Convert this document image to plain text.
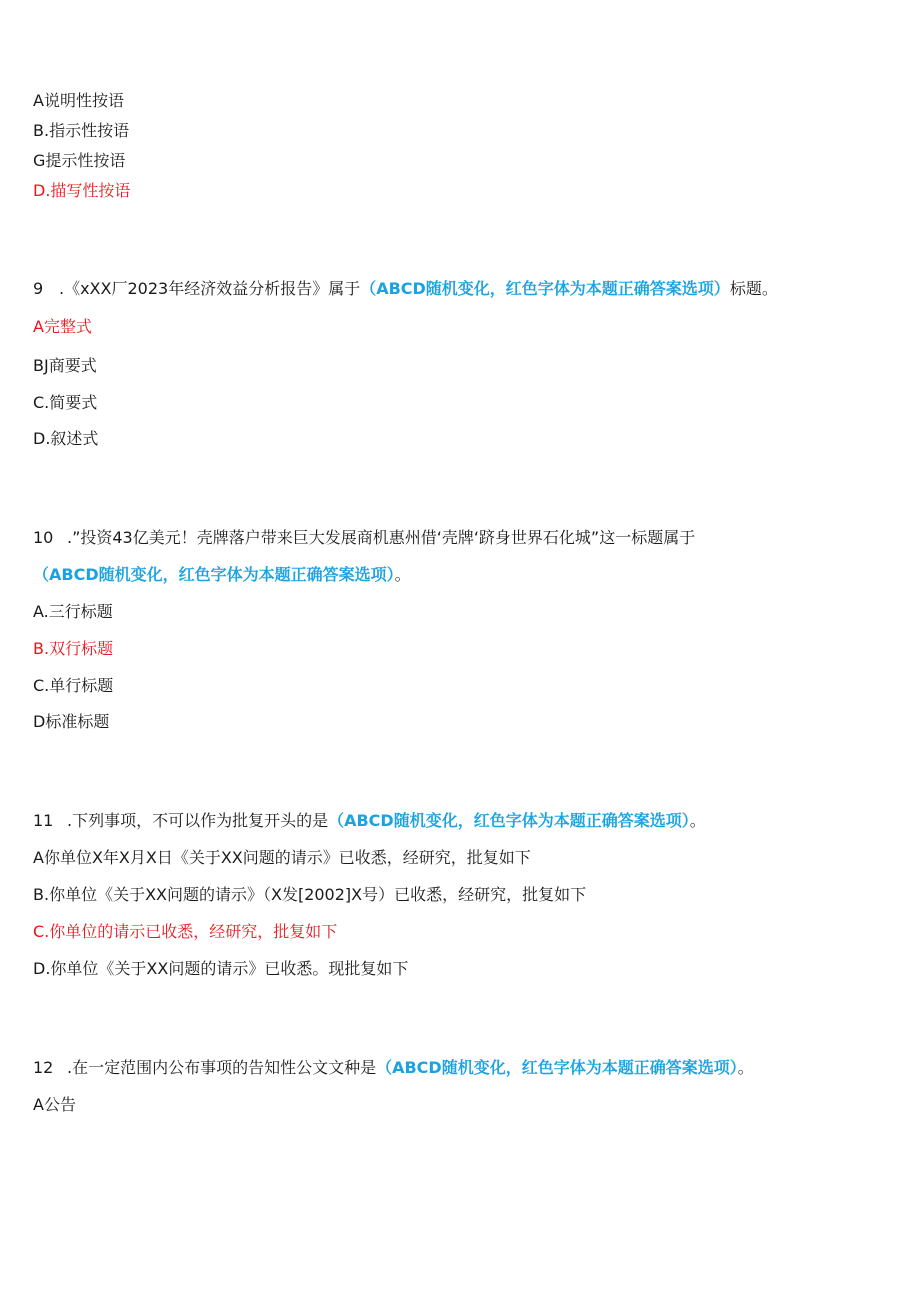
A说明性按语
B.指示性按语
G提示性按语
D.描写性按语
9 .《xXX厂2023年经济效益分析报告》属于（ABCD随机变化，红色字体为本题正确答案选项）标题。
A完整式
BJ商要式
C.简要式
D.叙述式
10 .”投资43亿美元！壳牌落户带来巨大发展商机惠州借‘壳牌‘跻身世界石化城”这一标题属于
（ABCD随机变化，红色字体为本题正确答案选项）。
A.三行标题
B.双行标题
C.单行标题
D标准标题
11 .下列事项，不可以作为批复开头的是（ABCD随机变化，红色字体为本题正确答案选项）。
A你单位X年X月X日《关于XX问题的请示》已收悉，经研究，批复如下
B.你单位《关于XX问题的请示》（X发[2002]X号）已收悉，经研究，批复如下
C.你单位的请示已收悉，经研究，批复如下
D.你单位《关于XX问题的请示》已收悉。现批复如下
12 .在一定范围内公布事项的告知性公文文种是（ABCD随机变化，红色字体为本题正确答案选项）。
A公告
